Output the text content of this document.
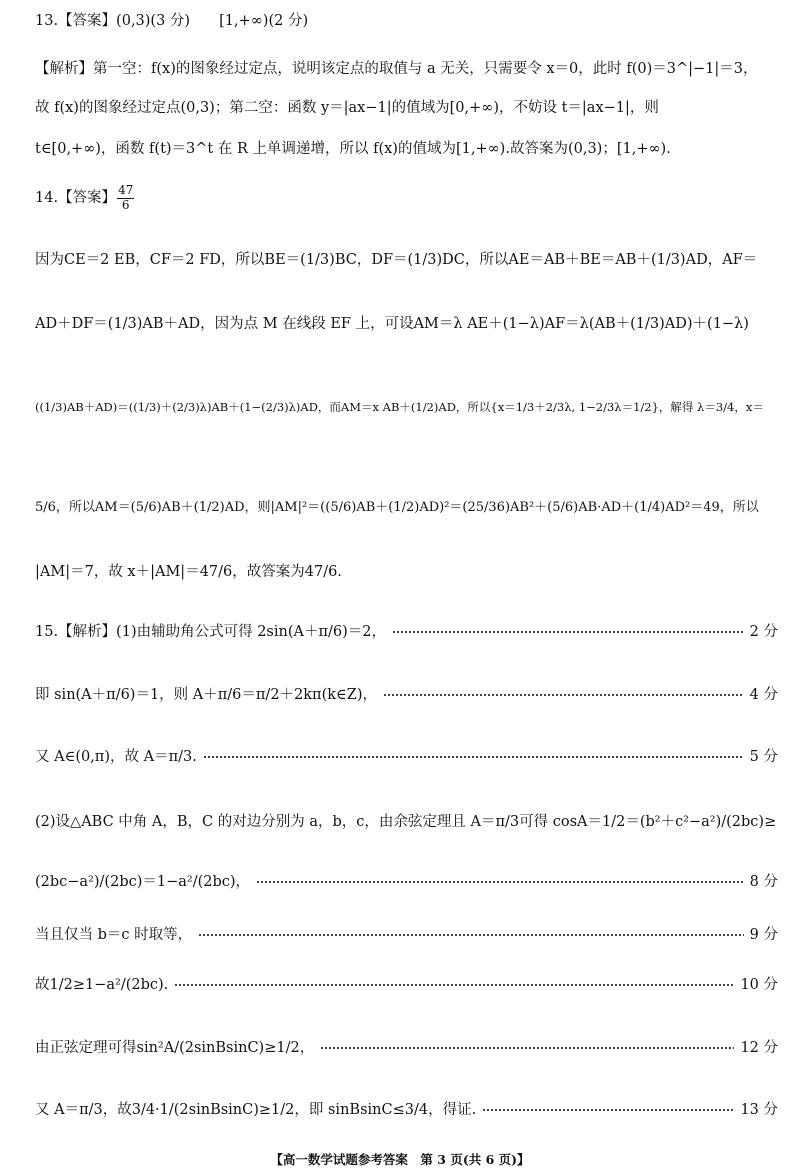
13.【答案】(0,3)(3 分)　　[1,+∞)(2 分)
【解析】第一空：f(x)的图象经过定点，说明该定点的取值与 a 无关，只需要令 x＝0，此时 f(0)＝3^|−1|＝3，
故 f(x)的图象经过定点(0,3)；第二空：函数 y＝|ax−1|的值域为[0,+∞)，不妨设 t＝|ax−1|，则
t∈[0,+∞)，函数 f(t)＝3^t 在 R 上单调递增，所以 f(x)的值域为[1,+∞).故答案为(0,3)；[1,+∞).
14.【答案】 $\frac{47}{6}$
因为CE＝2 EB，CF＝2 FD，所以BE＝(1/3)BC，DF＝(1/3)DC，所以AE＝AB＋BE＝AB＋(1/3)AD，AF＝
AD＋DF＝(1/3)AB＋AD，因为点 M 在线段 EF 上，可设AM＝λ AE＋(1−λ)AF＝λ(AB＋(1/3)AD)＋(1−λ)
((1/3)AB＋AD)＝((1/3)＋(2/3)λ)AB＋(1−(2/3)λ)AD，而AM＝x AB＋(1/2)AD，所以{x＝1/3＋2/3λ, 1−2/3λ＝1/2}，解得 λ＝3/4，x＝
5/6，所以AM＝(5/6)AB＋(1/2)AD，则|AM|²＝((5/6)AB＋(1/2)AD)²＝(25/36)AB²＋(5/6)AB·AD＋(1/4)AD²＝49，所以
|AM|＝7，故 x＋|AM|＝47/6，故答案为47/6.
15.【解析】(1)由辅助角公式可得 2sin(A＋π/6)＝2，	2 分
即 sin(A＋π/6)＝1，则 A＋π/6＝π/2＋2kπ(k∈Z)，	4 分
又 A∈(0,π)，故 A＝π/3.	5 分
(2)设△ABC 中角 A，B，C 的对边分别为 a，b，c，由余弦定理且 A＝π/3可得 cosA＝1/2＝(b²＋c²−a²)/(2bc)≥
(2bc−a²)/(2bc)＝1−a²/(2bc)，	8 分
当且仅当 b＝c 时取等，	9 分
故1/2≥1−a²/(2bc).	10 分
由正弦定理可得sin²A/(2sinBsinC)≥1/2，	12 分
又 A＝π/3，故3/4·1/(2sinBsinC)≥1/2，即 sinBsinC≤3/4，得证.	13 分
【高一数学试题参考答案　第 3 页(共 6 页)】
